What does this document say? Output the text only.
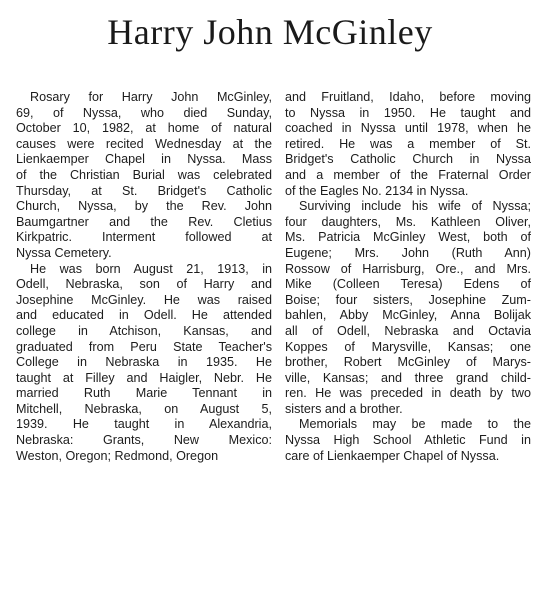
Harry John McGinley
Rosary for Harry John McGinley,
69, of Nyssa, who died Sunday,
October 10, 1982, at home of natural
causes were recited Wednesday at the
Lienkaemper Chapel in Nyssa. Mass
of the Christian Burial was celebrated
Thursday, at St. Bridget's Catholic
Church, Nyssa, by the Rev. John
Baumgartner and the Rev. Cletius
Kirkpatric. Interment followed at
Nyssa Cemetery.
He was born August 21, 1913, in
Odell, Nebraska, son of Harry and
Josephine McGinley. He was raised
and educated in Odell. He attended
college in Atchison, Kansas, and
graduated from Peru State Teacher's
College in Nebraska in 1935. He
taught at Filley and Haigler, Nebr. He
married Ruth Marie Tennant in
Mitchell, Nebraska, on August 5,
1939. He taught in Alexandria,
Nebraska: Grants, New Mexico:
Weston, Oregon; Redmond, Oregon
and Fruitland, Idaho, before moving
to Nyssa in 1950. He taught and
coached in Nyssa until 1978, when he
retired. He was a member of St.
Bridget's Catholic Church in Nyssa
and a member of the Fraternal Order
of the Eagles No. 2134 in Nyssa.
Surviving include his wife of Nyssa;
four daughters, Ms. Kathleen Oliver,
Ms. Patricia McGinley West, both of
Eugene; Mrs. John (Ruth Ann)
Rossow of Harrisburg, Ore., and Mrs.
Mike (Colleen Teresa) Edens of
Boise; four sisters, Josephine Zum-
bahlen, Abby McGinley, Anna Bolijak
all of Odell, Nebraska and Octavia
Koppes of Marysville, Kansas; one
brother, Robert McGinley of Marys-
ville, Kansas; and three grand child-
ren. He was preceded in death by two
sisters and a brother.
Memorials may be made to the
Nyssa High School Athletic Fund in
care of Lienkaemper Chapel of Nyssa.
